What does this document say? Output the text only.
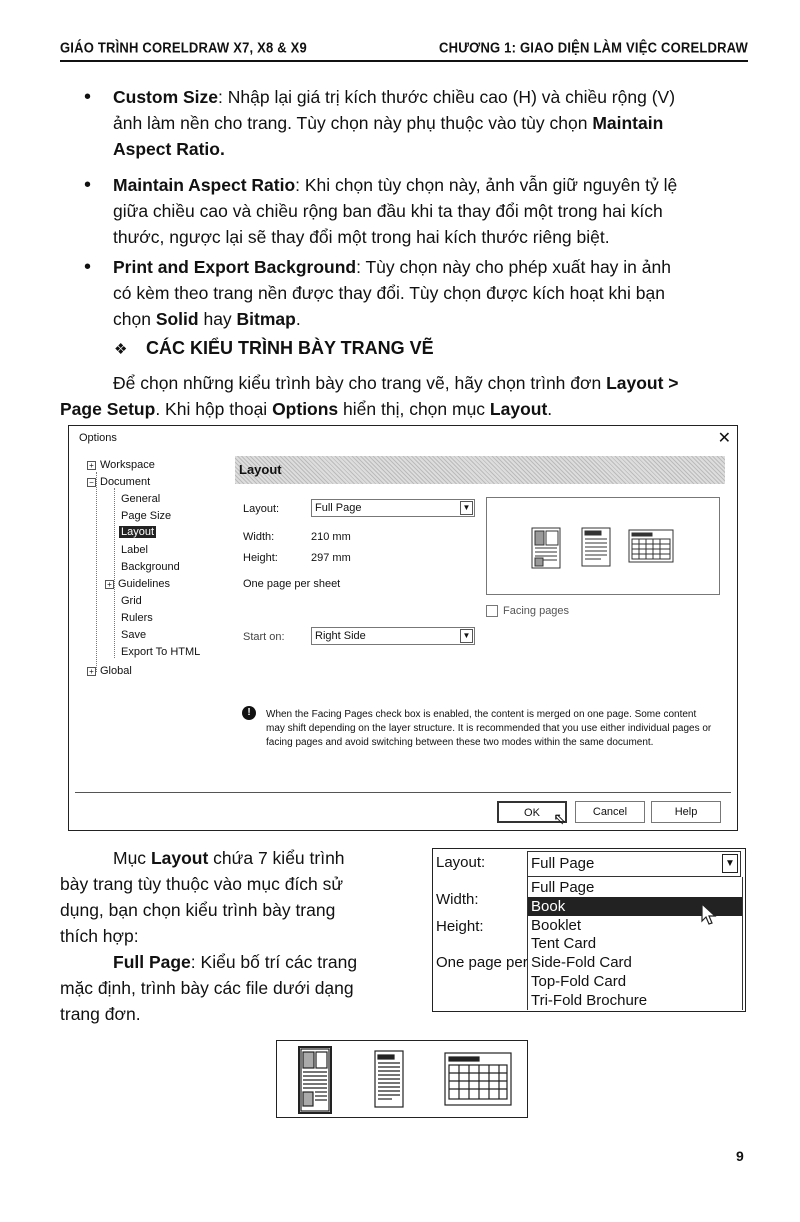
GIÁO TRÌNH CORELDRAW X7, X8 & X9	CHƯƠNG 1: GIAO DIỆN LÀM VIỆC CORELDRAW
• Custom Size: Nhập lại giá trị kích thước chiều cao (H) và chiều rộng (V)
ảnh làm nền cho trang. Tùy chọn này phụ thuộc vào tùy chọn Maintain
Aspect Ratio.
• Maintain Aspect Ratio: Khi chọn tùy chọn này, ảnh vẫn giữ nguyên tỷ lệ
giữa chiều cao và chiều rộng ban đầu khi ta thay đổi một trong hai kích
thước, ngược lại sẽ thay đổi một trong hai kích thước riêng biệt.
• Print and Export Background: Tùy chọn này cho phép xuất hay in ảnh
có kèm theo trang nền được thay đổi. Tùy chọn được kích hoạt khi bạn
chọn Solid hay Bitmap.
❖ CÁC KIỂU TRÌNH BÀY TRANG VẼ
Để chọn những kiểu trình bày cho trang vẽ, hãy chọn trình đơn Layout >
Page Setup. Khi hộp thoại Options hiển thị, chọn mục Layout.
Options	✕
+ Workspace
− Document
General
Page Size
Layout
Label
Background
+ Guidelines
Grid
Rulers
Save
Export To HTML
+ Global
Layout
Layout:	Full Page	▼
Width:	210 mm
Height:	297 mm
One page per sheet
Facing pages
Start on:	Right Side	▼
!	When the Facing Pages check box is enabled, the content is merged on one page. Some content may shift depending on the layer structure. It is recommended that you use either individual pages or facing pages and avoid switching between these two modes within the same document.
OK ⇖	Cancel	Help
Mục Layout chứa 7 kiểu trình
bày trang tùy thuộc vào mục đích sử
dụng, bạn chọn kiểu trình bày trang
thích hợp:
Full Page: Kiểu bố trí các trang
mặc định, trình bày các file dưới dạng
trang đơn.
Layout:	Full Page	▼
Width:
Height:
One page per
Full Page
Book
Booklet
Tent Card
Side-Fold Card
Top-Fold Card
Tri-Fold Brochure
9
